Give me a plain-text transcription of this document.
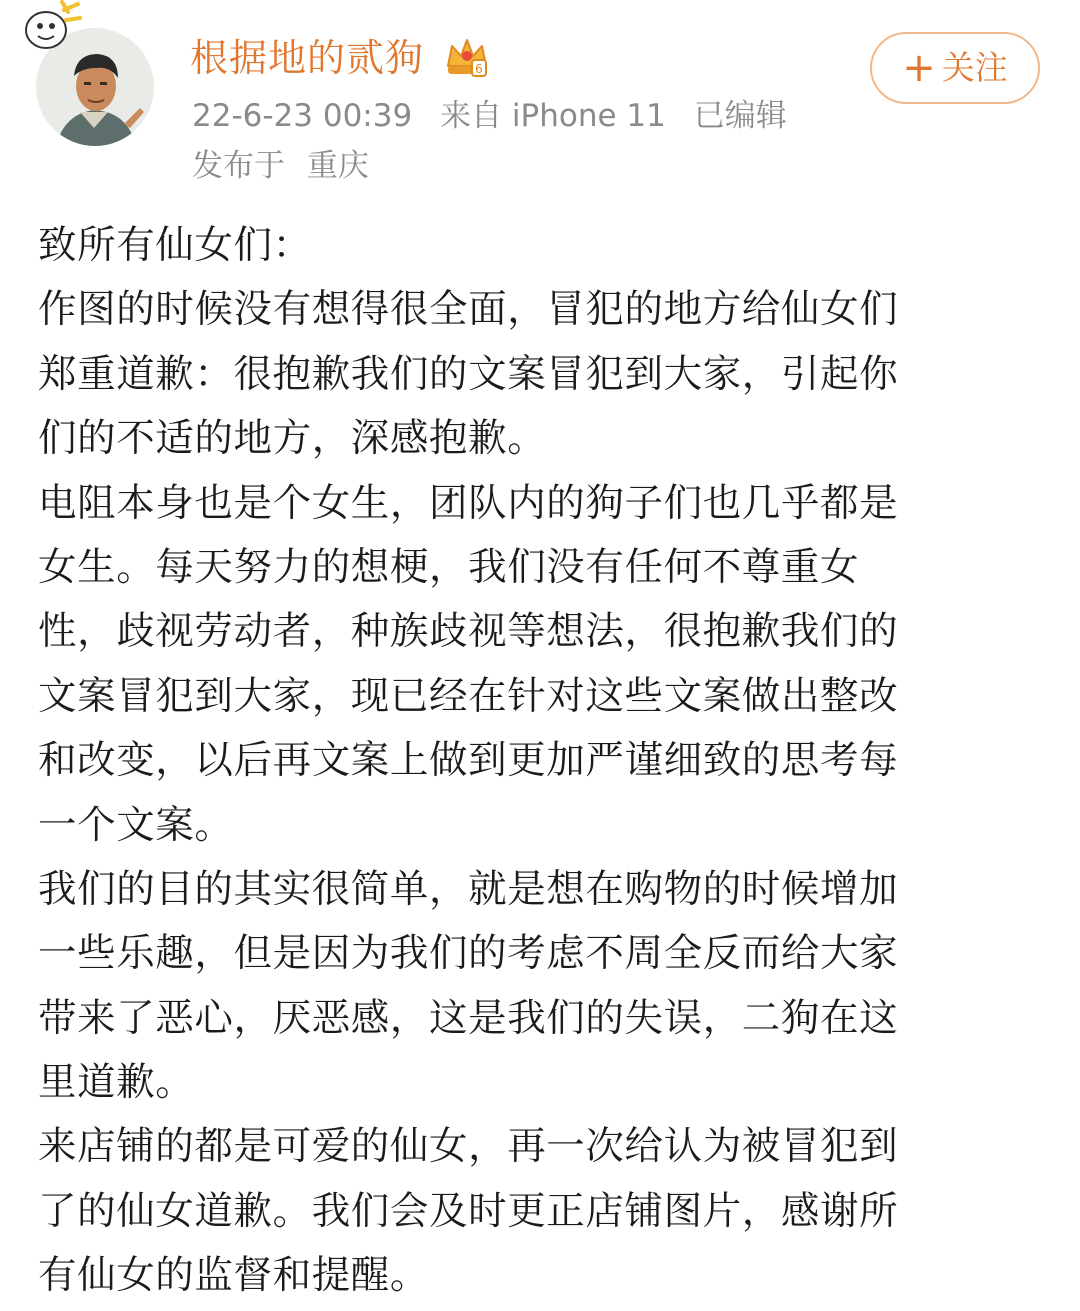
根据地的贰狗	6
22-6-23 00:39 来自 iPhone 11 已编辑
发布于 重庆
+ 关注
致所有仙女们：
作图的时候没有想得很全面，冒犯的地方给仙女们
郑重道歉：很抱歉我们的文案冒犯到大家，引起你
们的不适的地方，深感抱歉。
电阻本身也是个女生，团队内的狗子们也几乎都是
女生。每天努力的想梗，我们没有任何不尊重女
性，歧视劳动者，种族歧视等想法，很抱歉我们的
文案冒犯到大家，现已经在针对这些文案做出整改
和改变，以后再文案上做到更加严谨细致的思考每
一个文案。
我们的目的其实很简单，就是想在购物的时候增加
一些乐趣，但是因为我们的考虑不周全反而给大家
带来了恶心，厌恶感，这是我们的失误，二狗在这
里道歉。
来店铺的都是可爱的仙女，再一次给认为被冒犯到
了的仙女道歉。我们会及时更正店铺图片，感谢所
有仙女的监督和提醒。
